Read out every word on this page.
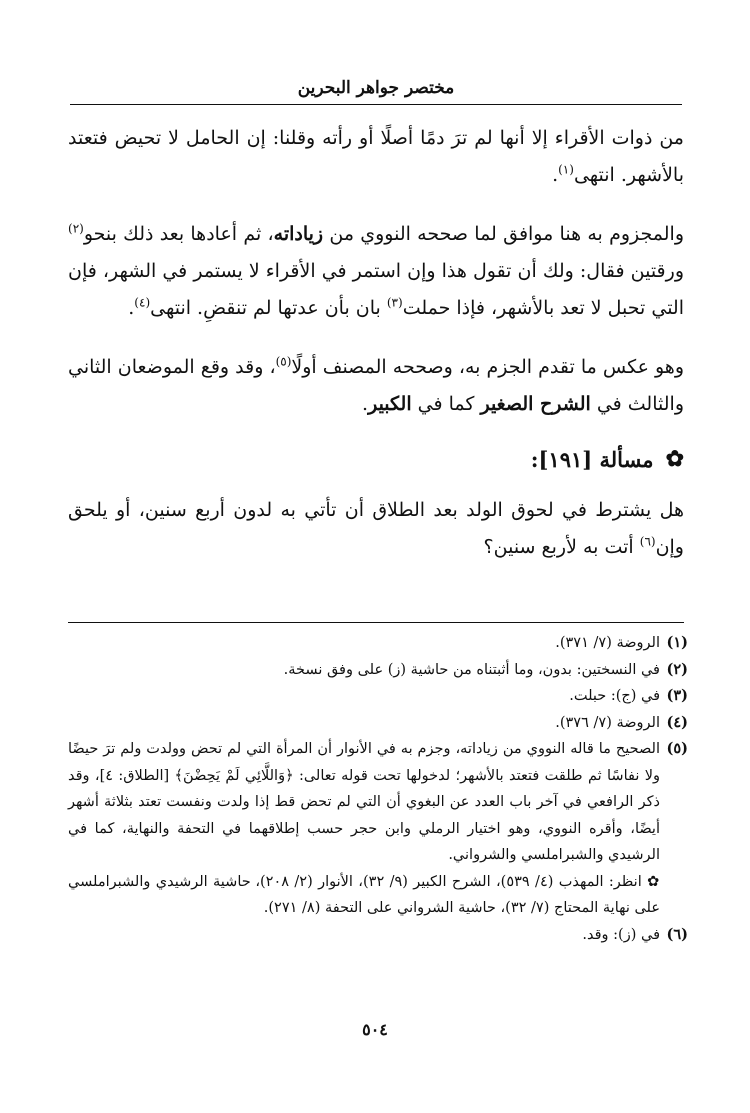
مختصر جواهر البحرين

من ذوات الأقراء إلا أنها لم ترَ دمًا أصلًا أو رأته وقلنا: إن الحامل لا تحيض فتعتد بالأشهر. انتهى$^{(١)}$.

والمجزوم به هنا موافق لما صححه النووي من زياداته، ثم أعادها بعد ذلك بنحو$^{(٢)}$ ورقتين فقال: ولك أن تقول هذا وإن استمر في الأقراء لا يستمر في الشهر، فإن التي تحبل لا تعد بالأشهر، فإذا حملت$^{(٣)}$ بان بأن عدتها لم تنقضِ. انتهى$^{(٤)}$.

وهو عكس ما تقدم الجزم به، وصححه المصنف أولًا$^{(٥)}$، وقد وقع الموضعان الثاني والثالث في الشرح الصغير كما في الكبير.

✿
مسألة [١٩١]:

هل يشترط في لحوق الولد بعد الطلاق أن تأتي به لدون أربع سنين، أو يلحق وإن$^{(٦)}$ أتت به لأربع سنين؟

(١)
الروضة (٧/ ٣٧١).
(٢)
في النسختين: بدون، وما أثبتناه من حاشية (ز) على وفق نسخة.
(٣)
في (ج): حبلت.
(٤)
الروضة (٧/ ٣٧٦).
(٥)
الصحيح ما قاله النووي من زياداته، وجزم به في الأنوار أن المرأة التي لم تحض وولدت ولم ترَ حيضًا ولا نفاسًا ثم طلقت فتعتد بالأشهر؛ لدخولها تحت قوله تعالى: ﴿وَاللَّائِي لَمْ يَحِضْنَ﴾ [الطلاق: ٤]، وقد ذكر الرافعي في آخر باب العدد عن البغوي أن التي لم تحض قط إذا ولدت ونفست تعتد بثلاثة أشهر أيضًا، وأقره النووي، وهو اختيار الرملي وابن حجر حسب إطلاقهما في التحفة والنهاية، كما في الرشيدي والشبراملسي والشرواني.
✿ انظر: المهذب (٤/ ٥٣٩)، الشرح الكبير (٩/ ٣٢)، الأنوار (٢/ ٢٠٨)، حاشية الرشيدي والشبراملسي على نهاية المحتاج (٧/ ٣٢)، حاشية الشرواني على التحفة (٨/ ٢٧١).
(٦)
في (ز): وقد.
٥٠٤
